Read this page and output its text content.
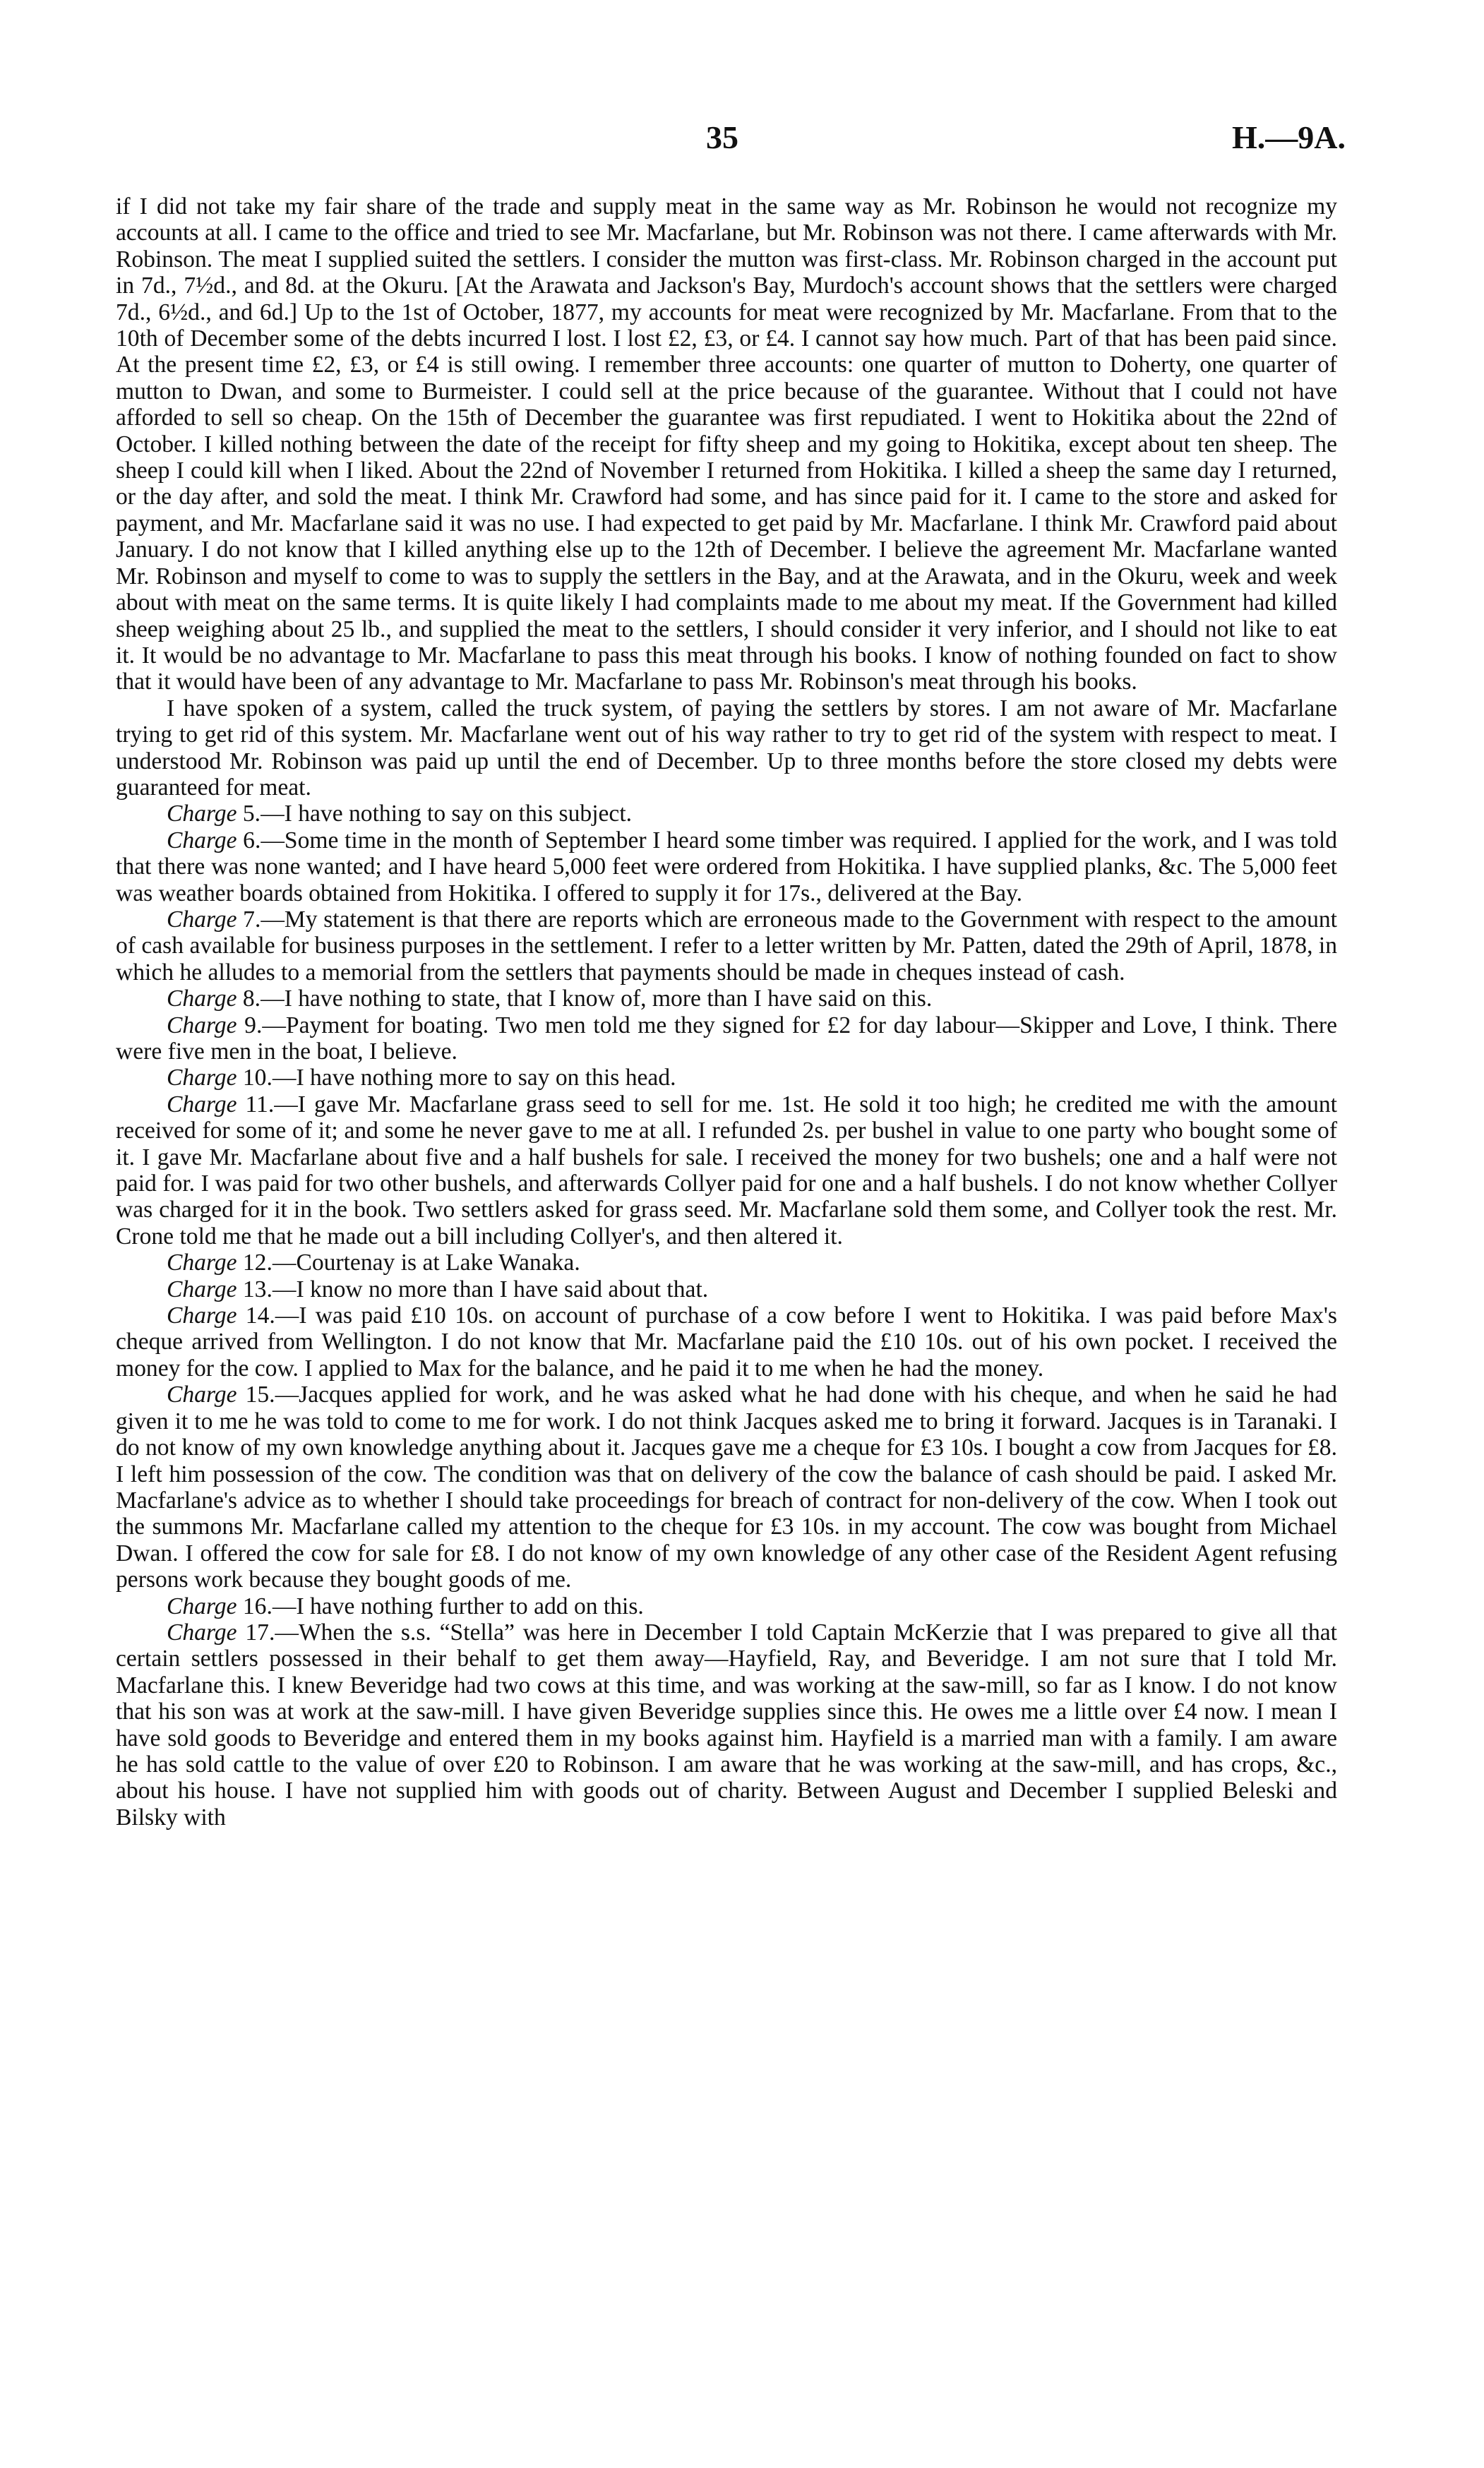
35	H.—9A.

if I did not take my fair share of the trade and supply meat in the same way as Mr. Robinson he would not recognize my accounts at all. I came to the office and tried to see Mr. Macfarlane, but Mr. Robinson was not there. I came afterwards with Mr. Robinson. The meat I supplied suited the settlers. I consider the mutton was first-class. Mr. Robinson charged in the account put in 7d., 7½d., and 8d. at the Okuru. [At the Arawata and Jackson's Bay, Murdoch's account shows that the settlers were charged 7d., 6½d., and 6d.] Up to the 1st of October, 1877, my accounts for meat were recognized by Mr. Macfarlane. From that to the 10th of December some of the debts incurred I lost. I lost £2, £3, or £4. I cannot say how much. Part of that has been paid since. At the present time £2, £3, or £4 is still owing. I remember three accounts: one quarter of mutton to Doherty, one quarter of mutton to Dwan, and some to Burmeister. I could sell at the price because of the guarantee. Without that I could not have afforded to sell so cheap. On the 15th of December the guarantee was first repudiated. I went to Hokitika about the 22nd of October. I killed nothing between the date of the receipt for fifty sheep and my going to Hokitika, except about ten sheep. The sheep I could kill when I liked. About the 22nd of November I returned from Hokitika. I killed a sheep the same day I returned, or the day after, and sold the meat. I think Mr. Crawford had some, and has since paid for it. I came to the store and asked for payment, and Mr. Macfarlane said it was no use. I had expected to get paid by Mr. Macfarlane. I think Mr. Crawford paid about January. I do not know that I killed anything else up to the 12th of December. I believe the agreement Mr. Macfarlane wanted Mr. Robinson and myself to come to was to supply the settlers in the Bay, and at the Arawata, and in the Okuru, week and week about with meat on the same terms. It is quite likely I had complaints made to me about my meat. If the Government had killed sheep weighing about 25 lb., and supplied the meat to the settlers, I should consider it very inferior, and I should not like to eat it. It would be no advantage to Mr. Macfarlane to pass this meat through his books. I know of nothing founded on fact to show that it would have been of any advantage to Mr. Macfarlane to pass Mr. Robinson's meat through his books.

I have spoken of a system, called the truck system, of paying the settlers by stores. I am not aware of Mr. Macfarlane trying to get rid of this system. Mr. Macfarlane went out of his way rather to try to get rid of the system with respect to meat. I understood Mr. Robinson was paid up until the end of December. Up to three months before the store closed my debts were guaranteed for meat.

Charge 5.—I have nothing to say on this subject.

Charge 6.—Some time in the month of September I heard some timber was required. I applied for the work, and I was told that there was none wanted; and I have heard 5,000 feet were ordered from Hokitika. I have supplied planks, &c. The 5,000 feet was weather boards obtained from Hokitika. I offered to supply it for 17s., delivered at the Bay.

Charge 7.—My statement is that there are reports which are erroneous made to the Government with respect to the amount of cash available for business purposes in the settlement. I refer to a letter written by Mr. Patten, dated the 29th of April, 1878, in which he alludes to a memorial from the settlers that payments should be made in cheques instead of cash.

Charge 8.—I have nothing to state, that I know of, more than I have said on this.

Charge 9.—Payment for boating. Two men told me they signed for £2 for day labour—Skipper and Love, I think. There were five men in the boat, I believe.

Charge 10.—I have nothing more to say on this head.

Charge 11.—I gave Mr. Macfarlane grass seed to sell for me. 1st. He sold it too high; he credited me with the amount received for some of it; and some he never gave to me at all. I refunded 2s. per bushel in value to one party who bought some of it. I gave Mr. Macfarlane about five and a half bushels for sale. I received the money for two bushels; one and a half were not paid for. I was paid for two other bushels, and afterwards Collyer paid for one and a half bushels. I do not know whether Collyer was charged for it in the book. Two settlers asked for grass seed. Mr. Macfarlane sold them some, and Collyer took the rest. Mr. Crone told me that he made out a bill including Collyer's, and then altered it.

Charge 12.—Courtenay is at Lake Wanaka.

Charge 13.—I know no more than I have said about that.

Charge 14.—I was paid £10 10s. on account of purchase of a cow before I went to Hokitika. I was paid before Max's cheque arrived from Wellington. I do not know that Mr. Macfarlane paid the £10 10s. out of his own pocket. I received the money for the cow. I applied to Max for the balance, and he paid it to me when he had the money.

Charge 15.—Jacques applied for work, and he was asked what he had done with his cheque, and when he said he had given it to me he was told to come to me for work. I do not think Jacques asked me to bring it forward. Jacques is in Taranaki. I do not know of my own knowledge anything about it. Jacques gave me a cheque for £3 10s. I bought a cow from Jacques for £8. I left him possession of the cow. The condition was that on delivery of the cow the balance of cash should be paid. I asked Mr. Macfarlane's advice as to whether I should take proceedings for breach of contract for non-delivery of the cow. When I took out the summons Mr. Macfarlane called my attention to the cheque for £3 10s. in my account. The cow was bought from Michael Dwan. I offered the cow for sale for £8. I do not know of my own knowledge of any other case of the Resident Agent refusing persons work because they bought goods of me.

Charge 16.—I have nothing further to add on this.

Charge 17.—When the s.s. “Stella” was here in December I told Captain McKerzie that I was prepared to give all that certain settlers possessed in their behalf to get them away—Hayfield, Ray, and Beveridge. I am not sure that I told Mr. Macfarlane this. I knew Beveridge had two cows at this time, and was working at the saw-mill, so far as I know. I do not know that his son was at work at the saw-mill. I have given Beveridge supplies since this. He owes me a little over £4 now. I mean I have sold goods to Beveridge and entered them in my books against him. Hayfield is a married man with a family. I am aware he has sold cattle to the value of over £20 to Robinson. I am aware that he was working at the saw-mill, and has crops, &c., about his house. I have not supplied him with goods out of charity. Between August and December I supplied Beleski and Bilsky with
